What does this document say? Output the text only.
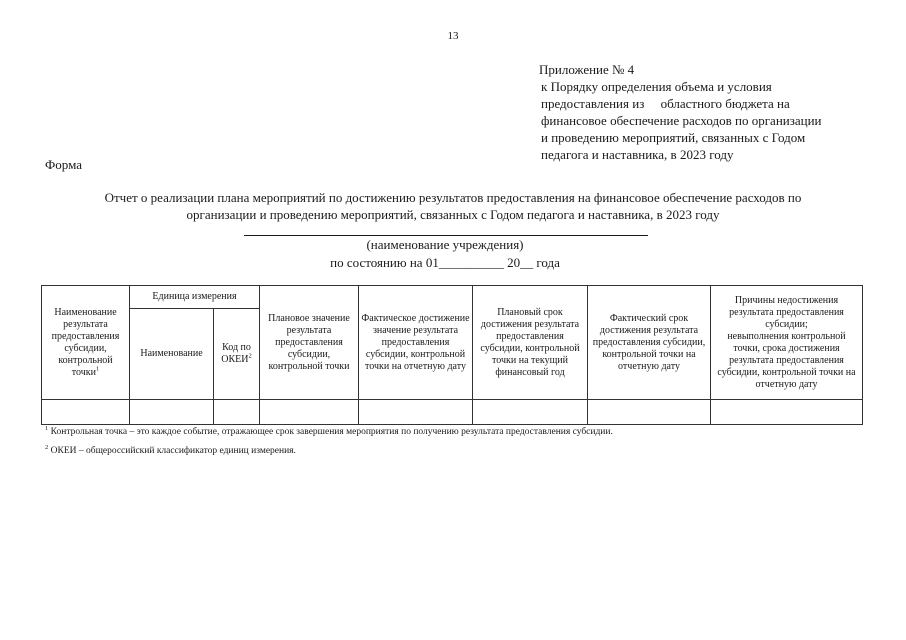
13
Приложение № 4
к Порядку определения объема и условия
предоставления из     областного бюджета на
финансовое обеспечение расходов по организации
и проведению мероприятий, связанных с Годом
педагога и наставника, в 2023 году
Форма
Отчет о реализации плана мероприятий по достижению результатов предоставления на финансовое обеспечение расходов по
организации и проведению мероприятий, связанных с Годом педагога и наставника, в 2023 году
(наименование учреждения)
по состоянию на 01__________ 20__ года
Наименование результата предоставления субсидии, контрольной точки$^1$	Единица измерения		Плановое значение результата предоставления субсидии, контрольной точки	Фактическое достижение значение результата предоставления субсидии, контрольной точки на отчетную дату	Плановый срок достижения результата предоставления субсидии, контрольной точки на текущий финансовый год	Фактический срок достижения результата предоставления субсидии, контрольной точки на отчетную дату	Причины недостижения результата предоставления субсидии;
невыполнения контрольной точки, срока достижения результата предоставления субсидии, контрольной точки на отчетную дату

	Наименование	Код по ОКЕИ$^2$

$^1$ Контрольная точка – это каждое событие, отражающее срок завершения мероприятия по получению результата предоставления субсидии.
$^2$ ОКЕИ – общероссийский классификатор единиц измерения.
